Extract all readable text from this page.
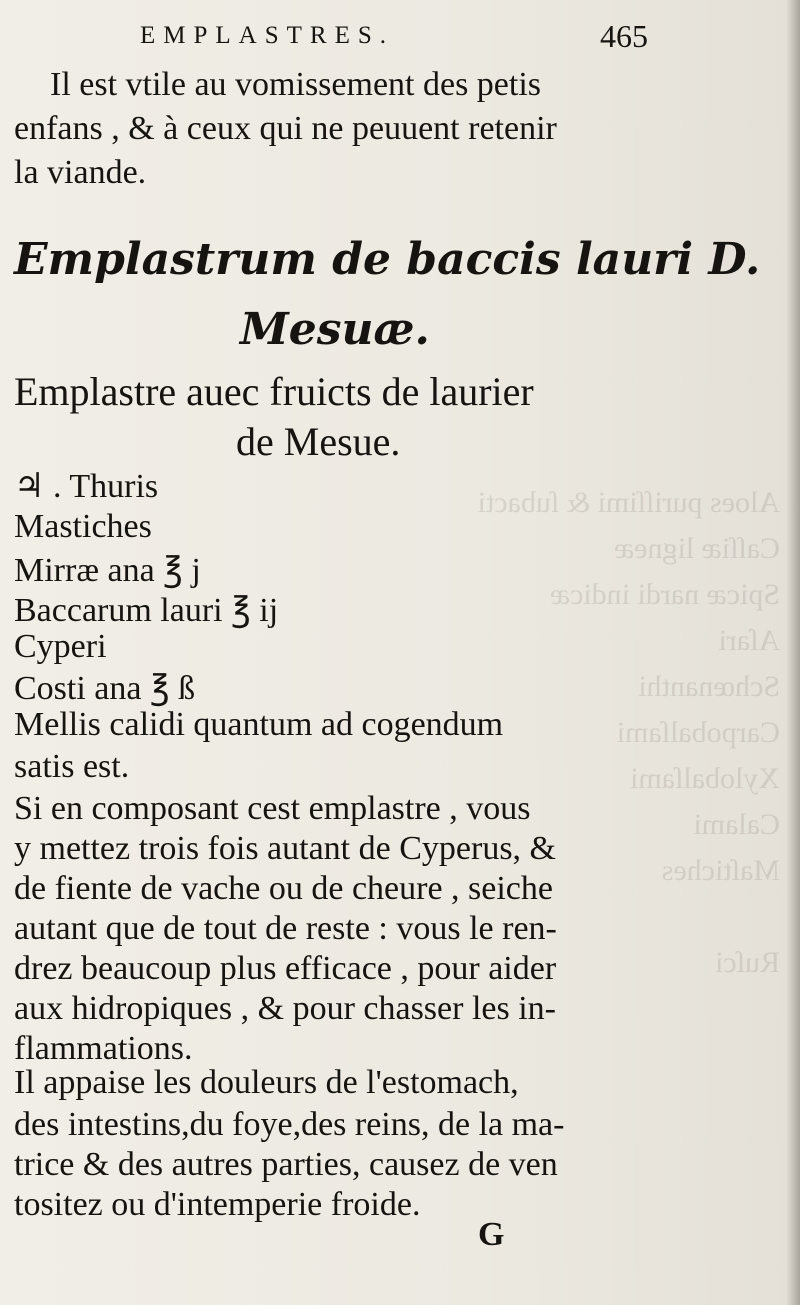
Aloes puriſſimi & ſubacti
Caſſiæ ligneæ
Spicæ nardi indicæ
Aſari
Schœnanthi
Carpobalſami
Xylobalſami
Calami
Maſtiches

Ruſci

EMPLASTRES.	465
Il est vtile au vomissement des petis
enfans , & à ceux qui ne peuuent retenir
la viande.
Emplastrum de baccis lauri D.
Mesuæ.
Emplastre auec fruicts de laurier
de Mesue.
♃ . Thuris
Mastiches
Mirræ ana ℥ j
Baccarum lauri ℥ ij
Cyperi
Costi ana ℥ ß
Mellis calidi quantum ad cogendum
satis est.
Si en composant cest emplastre , vous
y mettez trois fois autant de Cyperus, &
de fiente de vache ou de cheure , seiche
autant que de tout de reste : vous le ren-
drez beaucoup plus efficace , pour aider
aux hidropiques , & pour chasser les in-
flammations.
Il appaise les douleurs de l'estomach,
des intestins,du foye,des reins, de la ma-
trice & des autres parties, causez de ven
tositez ou d'intemperie froide.
G
